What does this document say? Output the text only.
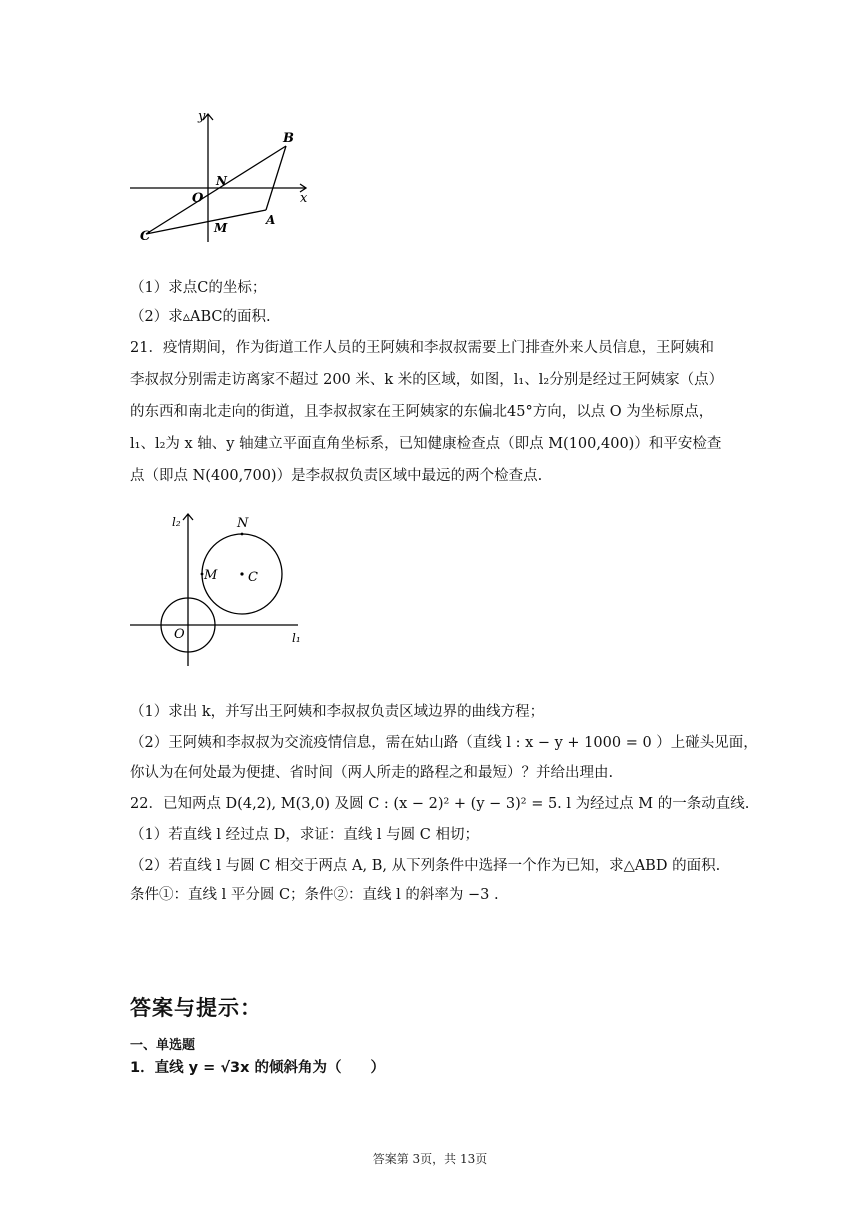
y
x
O
N
B
A
C
M
（1）求点C的坐标；
（2）求▵ABC的面积.
21．疫情期间，作为街道工作人员的王阿姨和李叔叔需要上门排查外来人员信息，王阿姨和
李叔叔分别需走访离家不超过 200 米、k 米的区域，如图，l₁、l₂分别是经过王阿姨家（点）
的东西和南北走向的街道，且李叔叔家在王阿姨家的东偏北45°方向，以点 O 为坐标原点，
l₁、l₂为 x 轴、y 轴建立平面直角坐标系，已知健康检查点（即点 M(100,400)）和平安检查
点（即点 N(400,700)）是李叔叔负责区域中最远的两个检查点.
l₂
l₁
N
M C
O
（1）求出 k，并写出王阿姨和李叔叔负责区域边界的曲线方程；
（2）王阿姨和李叔叔为交流疫情信息，需在姑山路（直线 l : x − y + 1000 = 0 ）上碰头见面，
你认为在何处最为便捷、省时间（两人所走的路程之和最短）？并给出理由.
22．已知两点 D(4,2), M(3,0) 及圆 C : (x − 2)² + (y − 3)² = 5. l 为经过点 M 的一条动直线.
（1）若直线 l 经过点 D，求证：直线 l 与圆 C 相切；
（2）若直线 l 与圆 C 相交于两点 A, B, 从下列条件中选择一个作为已知，求△ABD 的面积.
条件①：直线 l 平分圆 C；条件②：直线 l 的斜率为 −3 .
答案与提示：
一、单选题
1．直线 y = √3x 的倾斜角为（　　）
答案第 3页，共 13页
